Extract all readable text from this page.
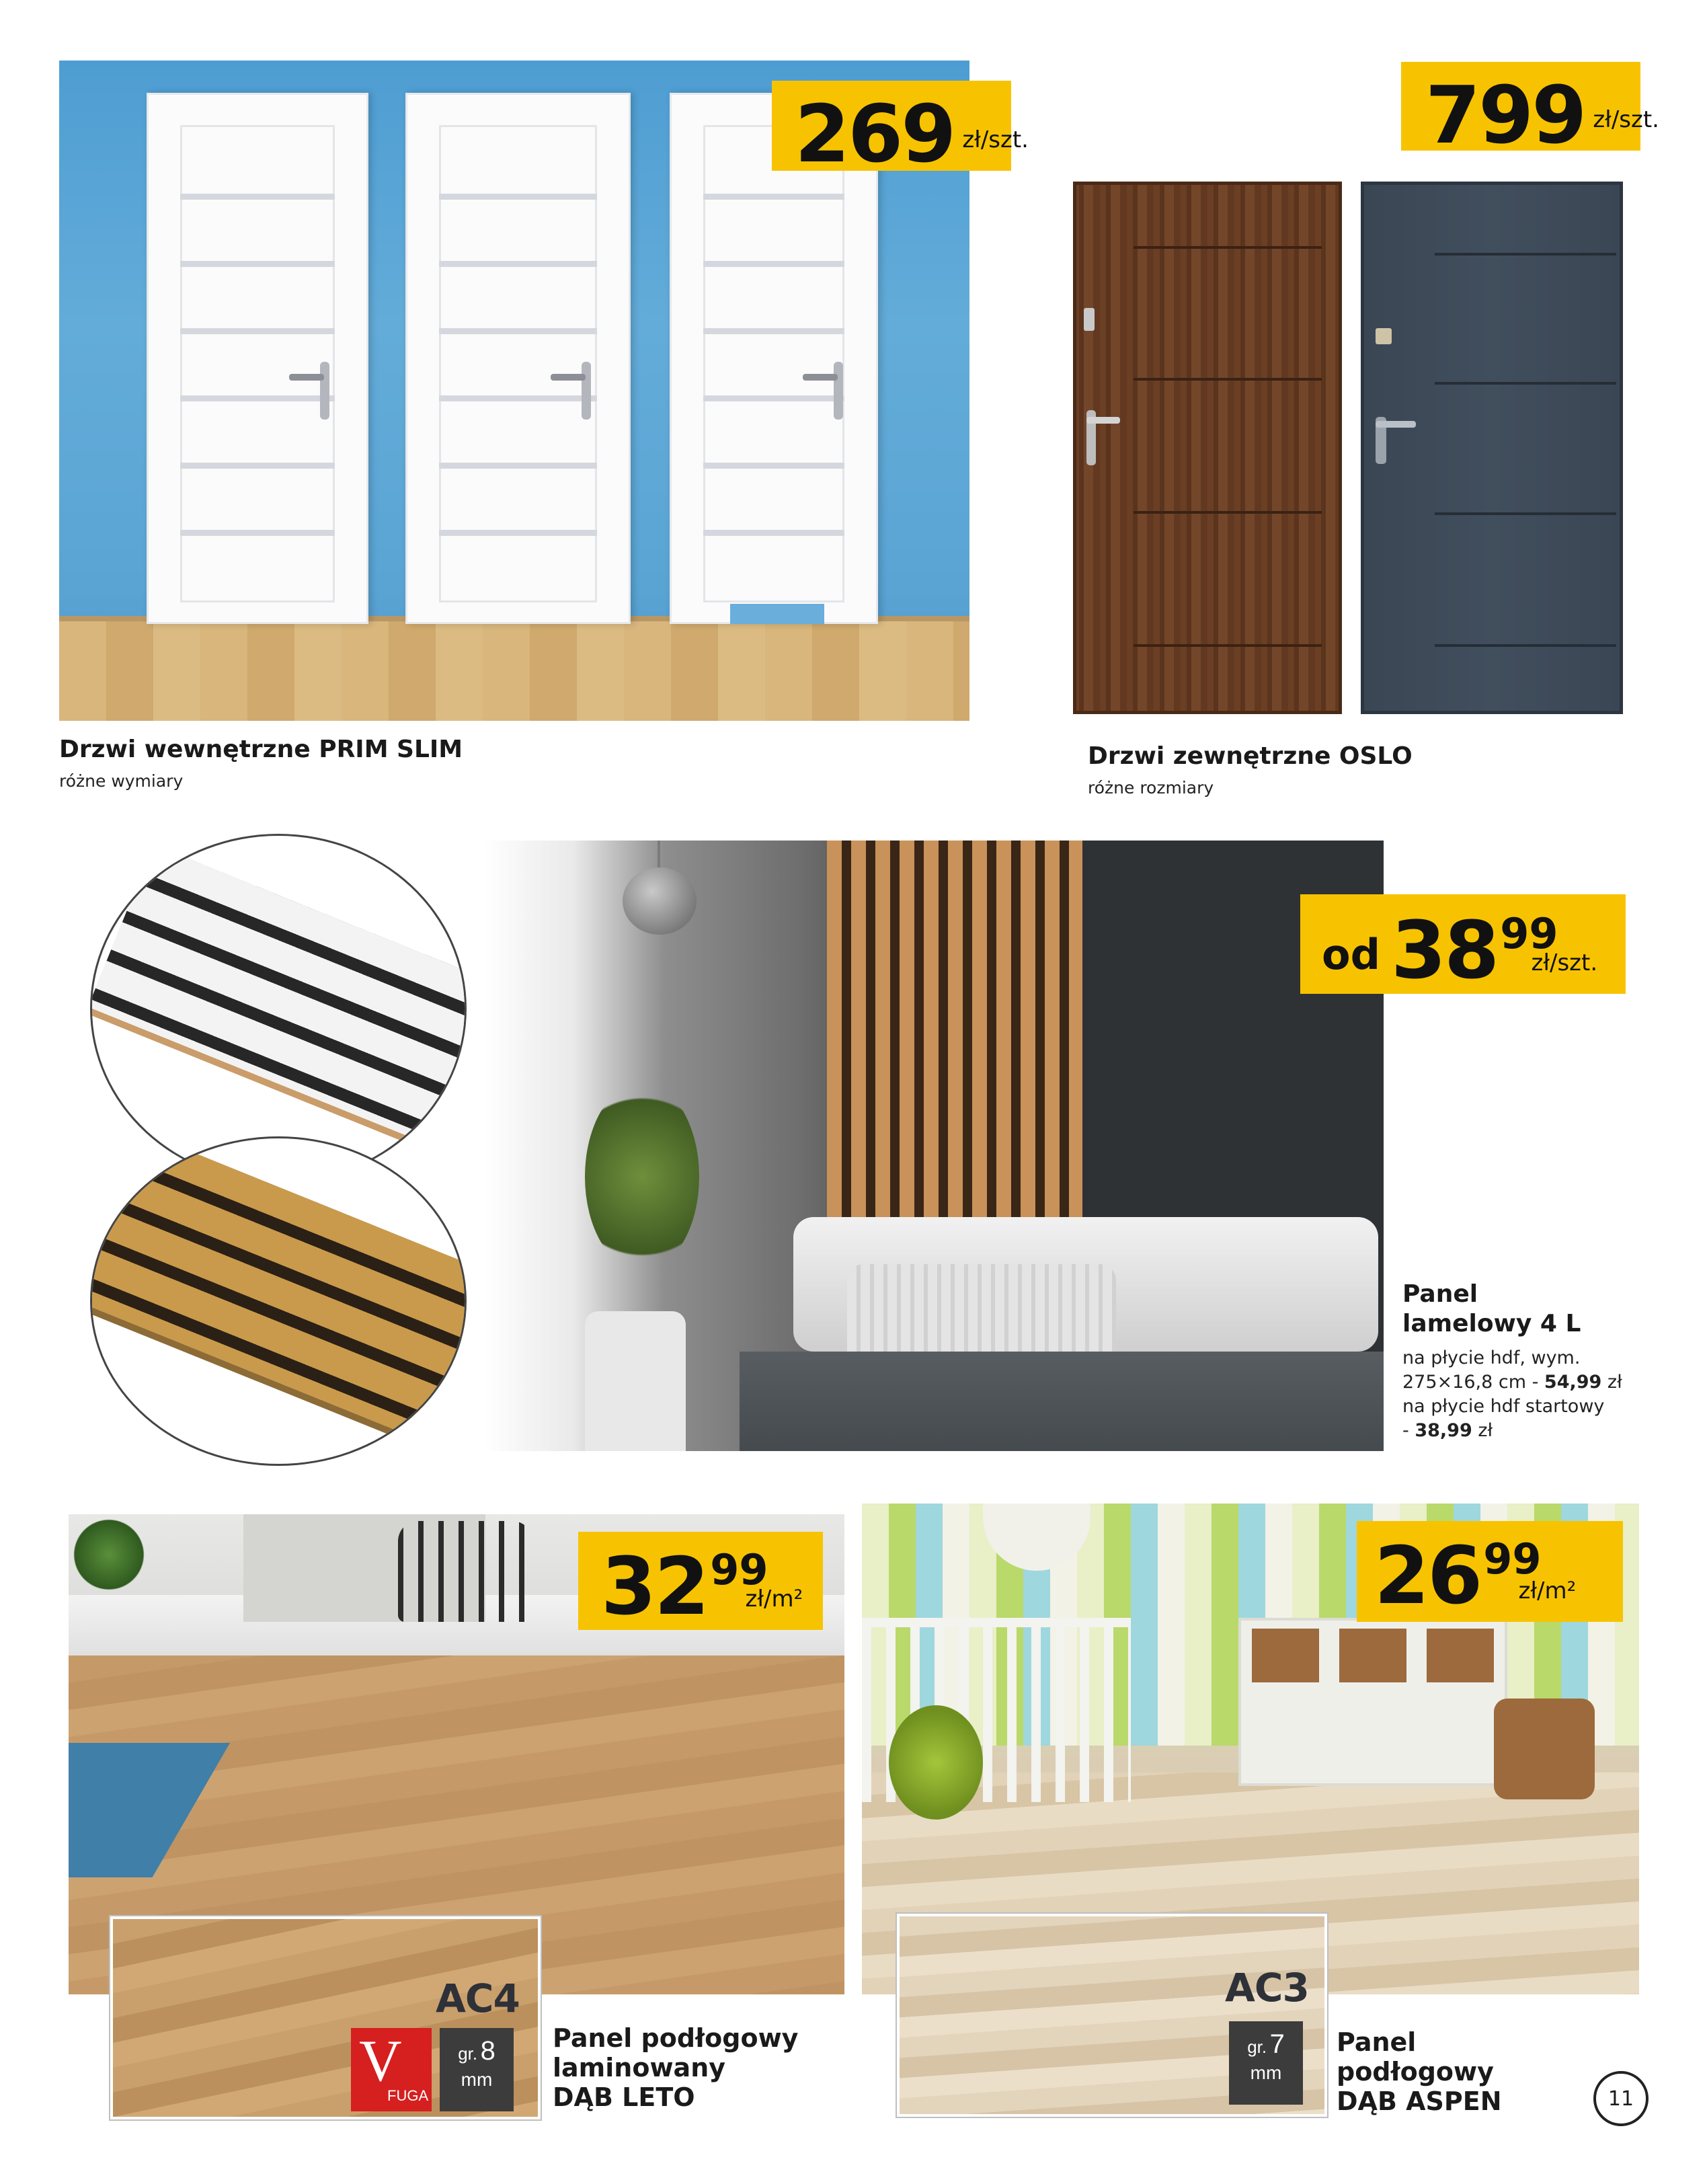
269 zł/szt.
Drzwi wewnętrzne PRIM SLIM
różne wymiary
799 zł/szt.
Drzwi zewnętrzne OSLO
różne rozmiary
od 38 99
zł/szt.
Panel
lamelowy 4 L
na płycie hdf, wym.
275×16,8 cm - 54,99 zł
na płycie hdf startowy
- 38,99 zł
32 99
zł/m²
AC4
V
FUGA
gr. 8
mm
Panel podłogowy
laminowany
DĄB LETO
26 99
zł/m²
AC3
gr. 7
mm
Panel
podłogowy
DĄB ASPEN	11
